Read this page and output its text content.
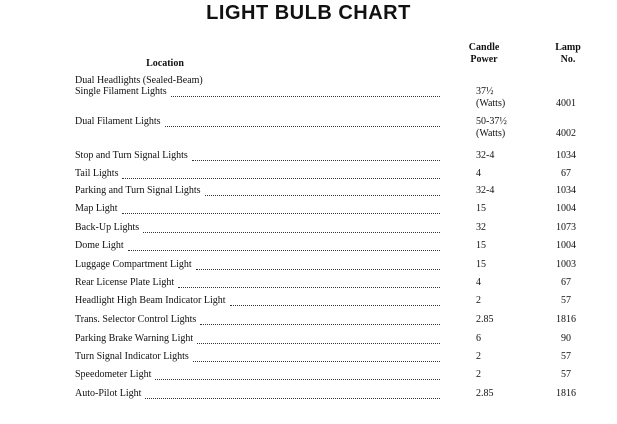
LIGHT BULB CHART
Location
Candle
Power
Lamp
No.
Dual Headlights (Sealed-Beam)
Single Filament Lights	37½
(Watts)	4001
Dual Filament Lights	50-37½
(Watts)	4002
Stop and Turn Signal Lights	32-4	1034
Tail Lights	4	67
Parking and Turn Signal Lights	32-4	1034
Map Light	15	1004
Back-Up Lights	32	1073
Dome Light	15	1004
Luggage Compartment Light	15	1003
Rear License Plate Light	4	67
Headlight High Beam Indicator Light	2	57
Trans. Selector Control Lights	2.85	1816
Parking Brake Warning Light	6	90
Turn Signal Indicator Lights	2	57
Speedometer Light	2	57
Auto-Pilot Light	2.85	1816
